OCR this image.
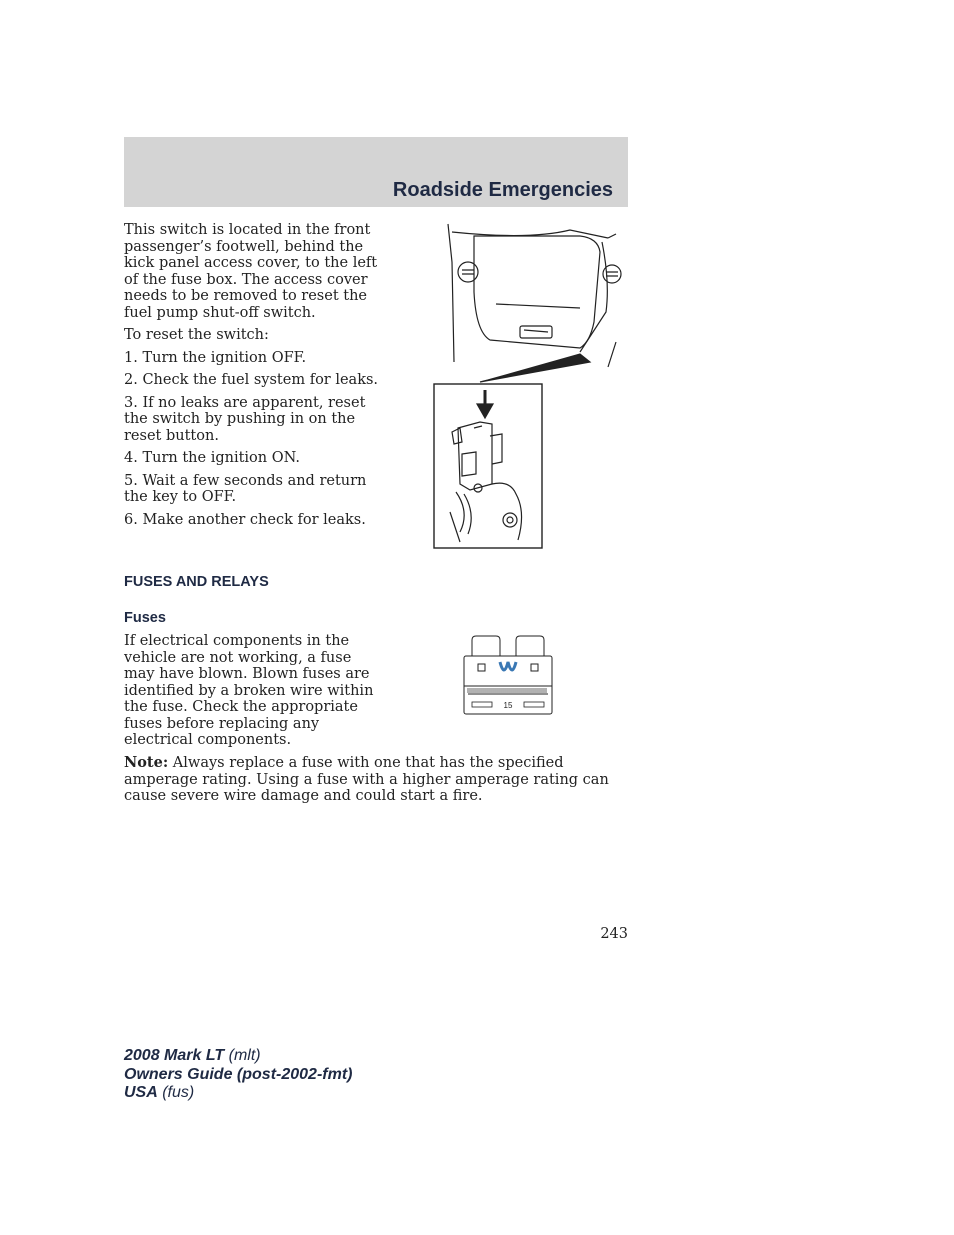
Roadside Emergencies

This switch is located in the front passenger’s footwell, behind the kick panel access cover, to the left of the fuse box. The access cover needs to be removed to reset the fuel pump shut-off switch.

To reset the switch:

1. Turn the ignition OFF.

2. Check the fuel system for leaks.

3. If no leaks are apparent, reset the switch by pushing in on the reset button.

4. Turn the ignition ON.

5. Wait a few seconds and return the key to OFF.

6. Make another check for leaks.

FUSES AND RELAYS
Fuses

If electrical components in the vehicle are not working, a fuse may have blown. Blown fuses are identified by a broken wire within the fuse. Check the appropriate fuses before replacing any electrical components.

15

Note: Always replace a fuse with one that has the specified amperage rating. Using a fuse with a higher amperage rating can cause severe wire damage and could start a fire.

243
2008 Mark LT (mlt)
Owners Guide (post-2002-fmt)
USA (fus)
